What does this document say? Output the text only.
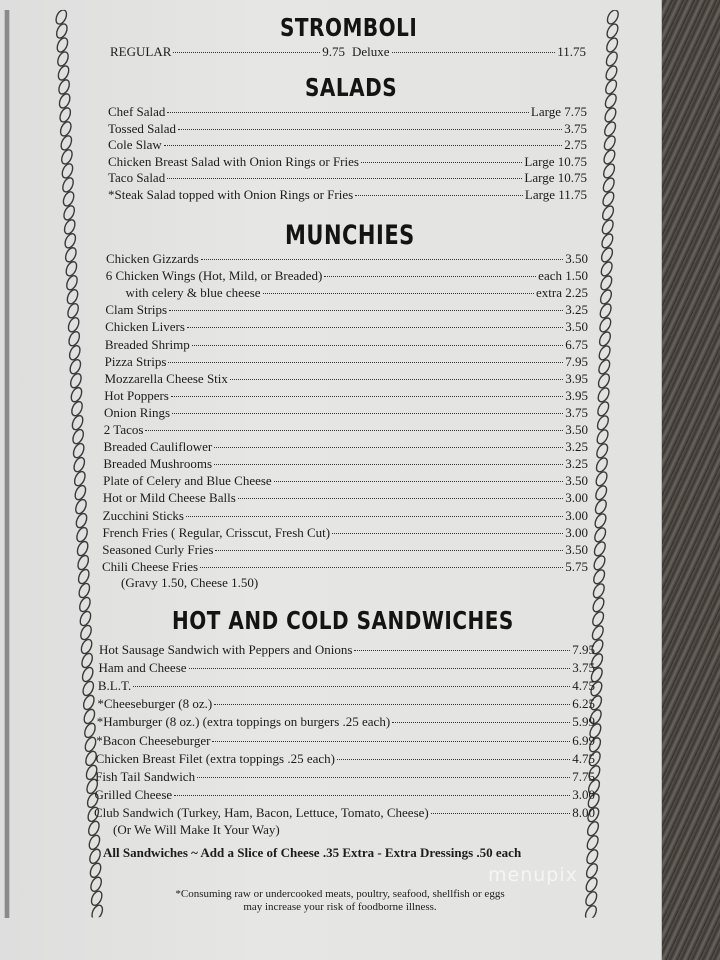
STROMBOLI
REGULAR	9.75 Deluxe	11.75
SALADS
Chef Salad	Large 7.75
Tossed Salad	3.75
Cole Slaw	2.75
Chicken Breast Salad with Onion Rings or Fries	Large 10.75
Taco Salad	Large 10.75
*Steak Salad topped with Onion Rings or Fries	Large 11.75
MUNCHIES
Chicken Gizzards	3.50
6 Chicken Wings (Hot, Mild, or Breaded)	each 1.50
with celery & blue cheese	extra 2.25
Clam Strips	3.25
Chicken Livers	3.50
Breaded Shrimp	6.75
Pizza Strips	7.95
Mozzarella Cheese Stix	3.95
Hot Poppers	3.95
Onion Rings	3.75
2 Tacos	3.50
Breaded Cauliflower	3.25
Breaded Mushrooms	3.25
Plate of Celery and Blue Cheese	3.50
Hot or Mild Cheese Balls	3.00
Zucchini Sticks	3.00
French Fries ( Regular, Crisscut, Fresh Cut)	3.00
Seasoned Curly Fries	3.50
Chili Cheese Fries	5.75
(Gravy 1.50, Cheese 1.50)
HOT AND COLD SANDWICHES
Hot Sausage Sandwich with Peppers and Onions	7.95
Ham and Cheese	3.75
B.L.T.	4.75
*Cheeseburger (8 oz.)	6.25
*Hamburger (8 oz.) (extra toppings on burgers .25 each)	5.99
*Bacon Cheeseburger	6.99
Chicken Breast Filet (extra toppings .25 each)	4.75
Fish Tail Sandwich	7.75
Grilled Cheese	3.00
Club Sandwich (Turkey, Ham, Bacon, Lettuce, Tomato, Cheese)	8.00
(Or We Will Make It Your Way)
All Sandwiches ~ Add a Slice of Cheese .35 Extra - Extra Dressings .50 each
*Consuming raw or undercooked meats, poultry, seafood, shellfish or eggs
may increase your risk of foodborne illness.
menupix
